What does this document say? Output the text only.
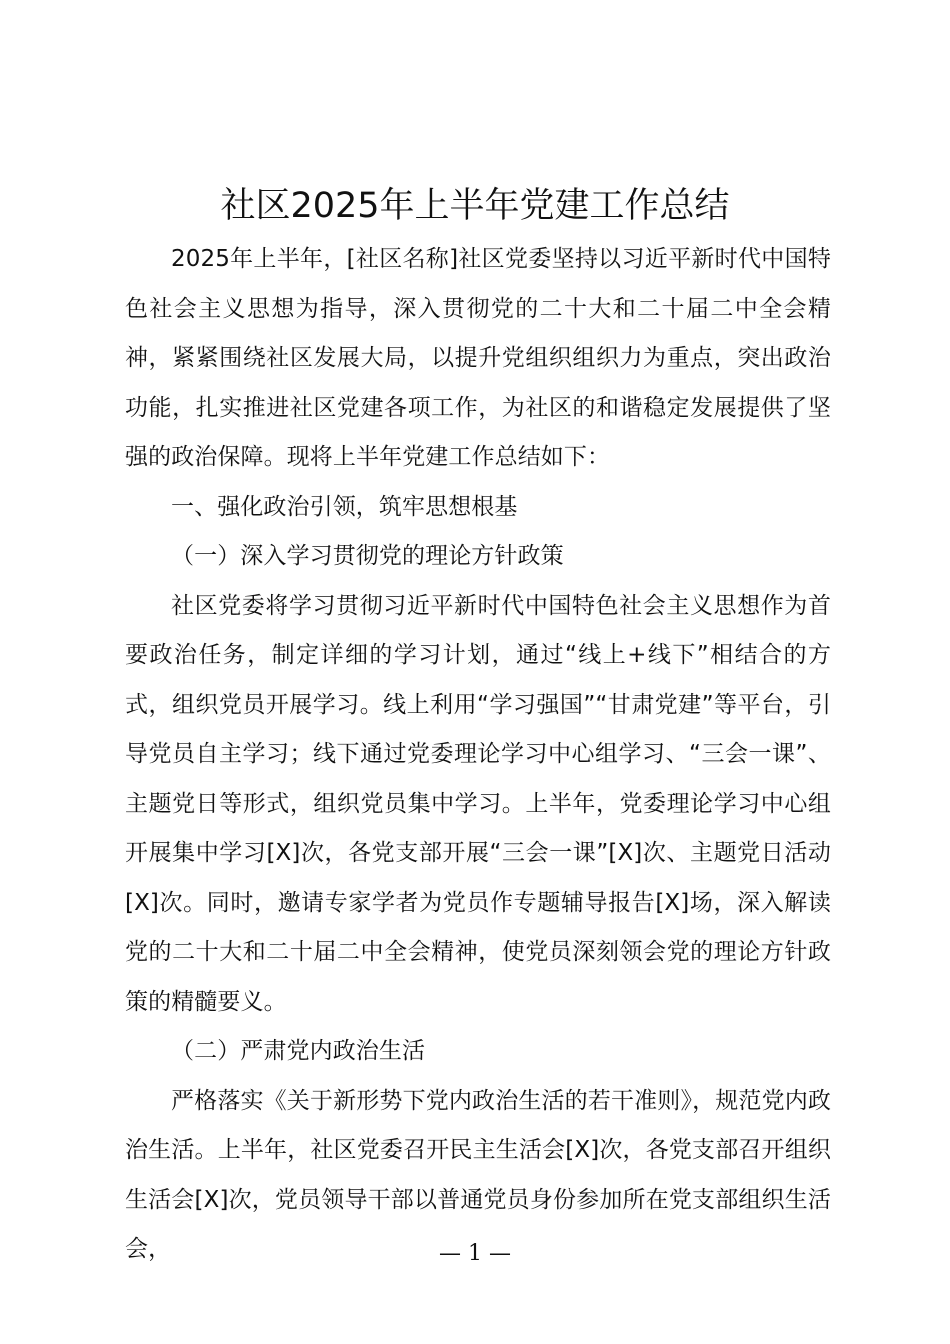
社区2025年上半年党建工作总结

2025年上半年，[社区名称]社区党委坚持以习近平新时代中国特色社会主义思想为指导，深入贯彻党的二十大和二十届二中全会精神，紧紧围绕社区发展大局，以提升党组织组织力为重点，突出政治功能，扎实推进社区党建各项工作，为社区的和谐稳定发展提供了坚强的政治保障。现将上半年党建工作总结如下：

一、强化政治引领，筑牢思想根基

（一）深入学习贯彻党的理论方针政策

社区党委将学习贯彻习近平新时代中国特色社会主义思想作为首要政治任务，制定详细的学习计划，通过“线上+线下”相结合的方式，组织党员开展学习。线上利用“学习强国”“甘肃党建”等平台，引导党员自主学习；线下通过党委理论学习中心组学习、“三会一课”、主题党日等形式，组织党员集中学习。上半年，党委理论学习中心组开展集中学习[X]次，各党支部开展“三会一课”[X]次、主题党日活动[X]次。同时，邀请专家学者为党员作专题辅导报告[X]场，深入解读党的二十大和二十届二中全会精神，使党员深刻领会党的理论方针政策的精髓要义。

（二）严肃党内政治生活

严格落实《关于新形势下党内政治生活的若干准则》，规范党内政治生活。上半年，社区党委召开民主生活会[X]次，各党支部召开组织生活会[X]次，党员领导干部以普通党员身份参加所在党支部组织生活会，	— 1 —
